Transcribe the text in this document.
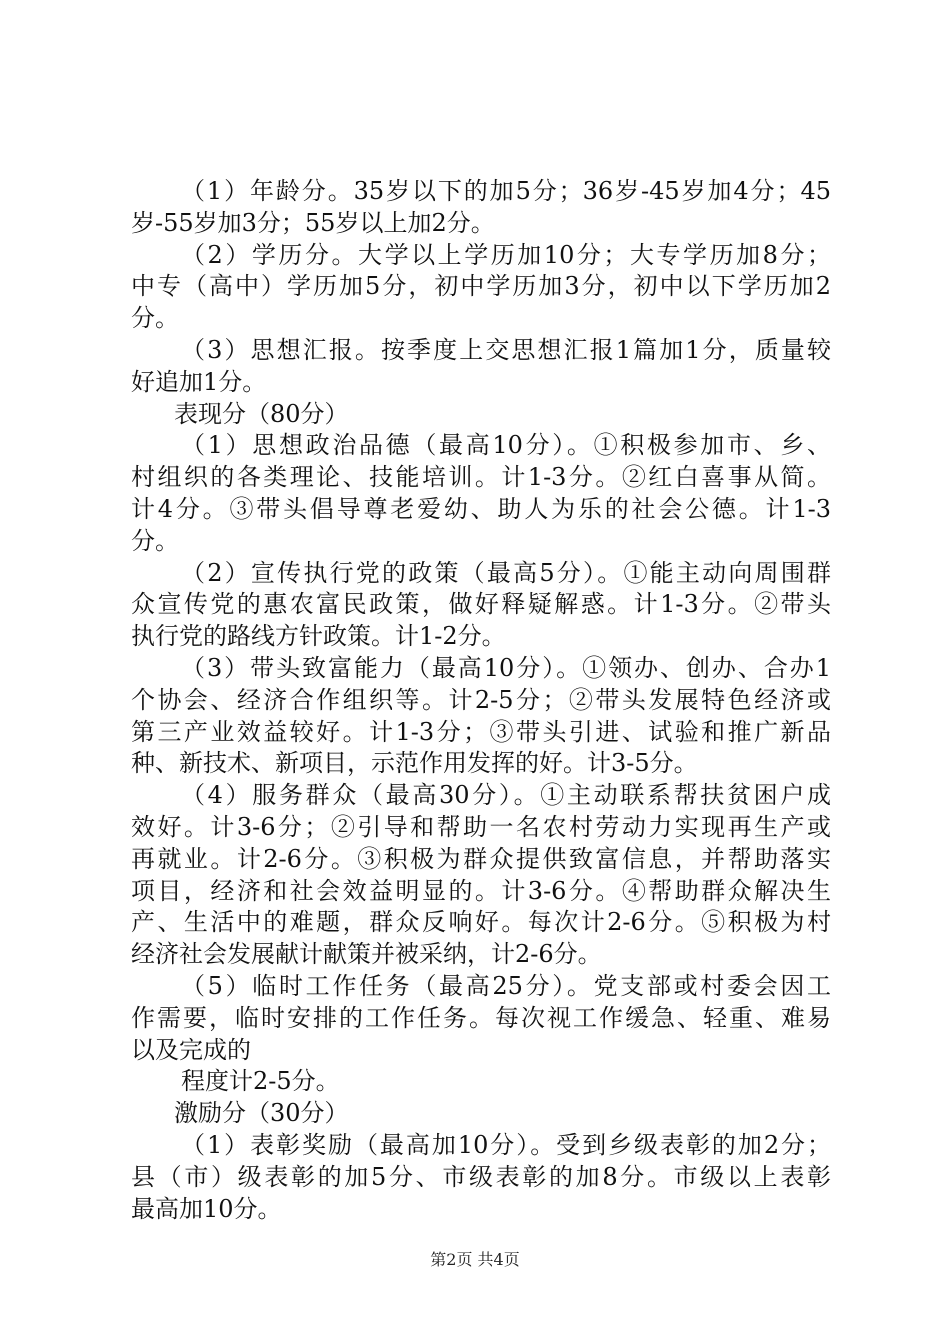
（1）年龄分。35岁以下的加5分；36岁-45岁加4分；45
岁-55岁加3分；55岁以上加2分。
（2）学历分。大学以上学历加10分；大专学历加8分；
中专（高中）学历加5分，初中学历加3分，初中以下学历加2
分。
（3）思想汇报。按季度上交思想汇报1篇加1分，质量较
好追加1分。
表现分（80分）
（1）思想政治品德（最高10分）。①积极参加市、乡、
村组织的各类理论、技能培训。计1-3分。②红白喜事从简。
计4分。③带头倡导尊老爱幼、助人为乐的社会公德。计1-3
分。
（2）宣传执行党的政策（最高5分）。①能主动向周围群
众宣传党的惠农富民政策，做好释疑解惑。计1-3分。②带头
执行党的路线方针政策。计1-2分。
（3）带头致富能力（最高10分）。①领办、创办、合办1
个协会、经济合作组织等。计2-5分；②带头发展特色经济或
第三产业效益较好。计1-3分；③带头引进、试验和推广新品
种、新技术、新项目，示范作用发挥的好。计3-5分。
（4）服务群众（最高30分）。①主动联系帮扶贫困户成
效好。计3-6分；②引导和帮助一名农村劳动力实现再生产或
再就业。计2-6分。③积极为群众提供致富信息，并帮助落实
项目，经济和社会效益明显的。计3-6分。④帮助群众解决生
产、生活中的难题，群众反响好。每次计2-6分。⑤积极为村
经济社会发展献计献策并被采纳，计2-6分。
（5）临时工作任务（最高25分）。党支部或村委会因工
作需要，临时安排的工作任务。每次视工作缓急、轻重、难易
以及完成的
程度计2-5分。
激励分（30分）
（1）表彰奖励（最高加10分）。受到乡级表彰的加2分；
县（市）级表彰的加5分、市级表彰的加8分。市级以上表彰
最高加10分。
第2页 共4页
